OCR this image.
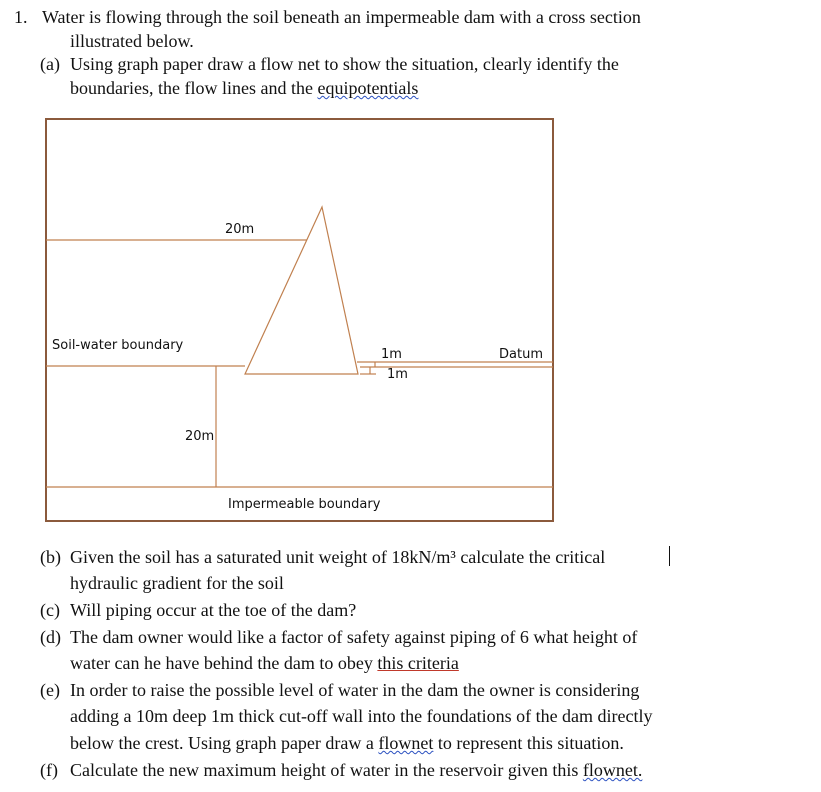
1. Water is flowing through the soil beneath an impermeable dam with a cross section
illustrated below.
(a) Using graph paper draw a flow net to show the situation, clearly identify the
boundaries, the flow lines and the equipotentials
20m
Soil-water boundary
1m
1m
Datum
20m
Impermeable boundary
(b) Given the soil has a saturated unit weight of 18kN/m³ calculate the critical
hydraulic gradient for the soil
(c) Will piping occur at the toe of the dam?
(d) The dam owner would like a factor of safety against piping of 6 what height of
water can he have behind the dam to obey this criteria
(e) In order to raise the possible level of water in the dam the owner is considering
adding a 10m deep 1m thick cut-off wall into the foundations of the dam directly
below the crest. Using graph paper draw a flownet to represent this situation.
(f) Calculate the new maximum height of water in the reservoir given this flownet.
